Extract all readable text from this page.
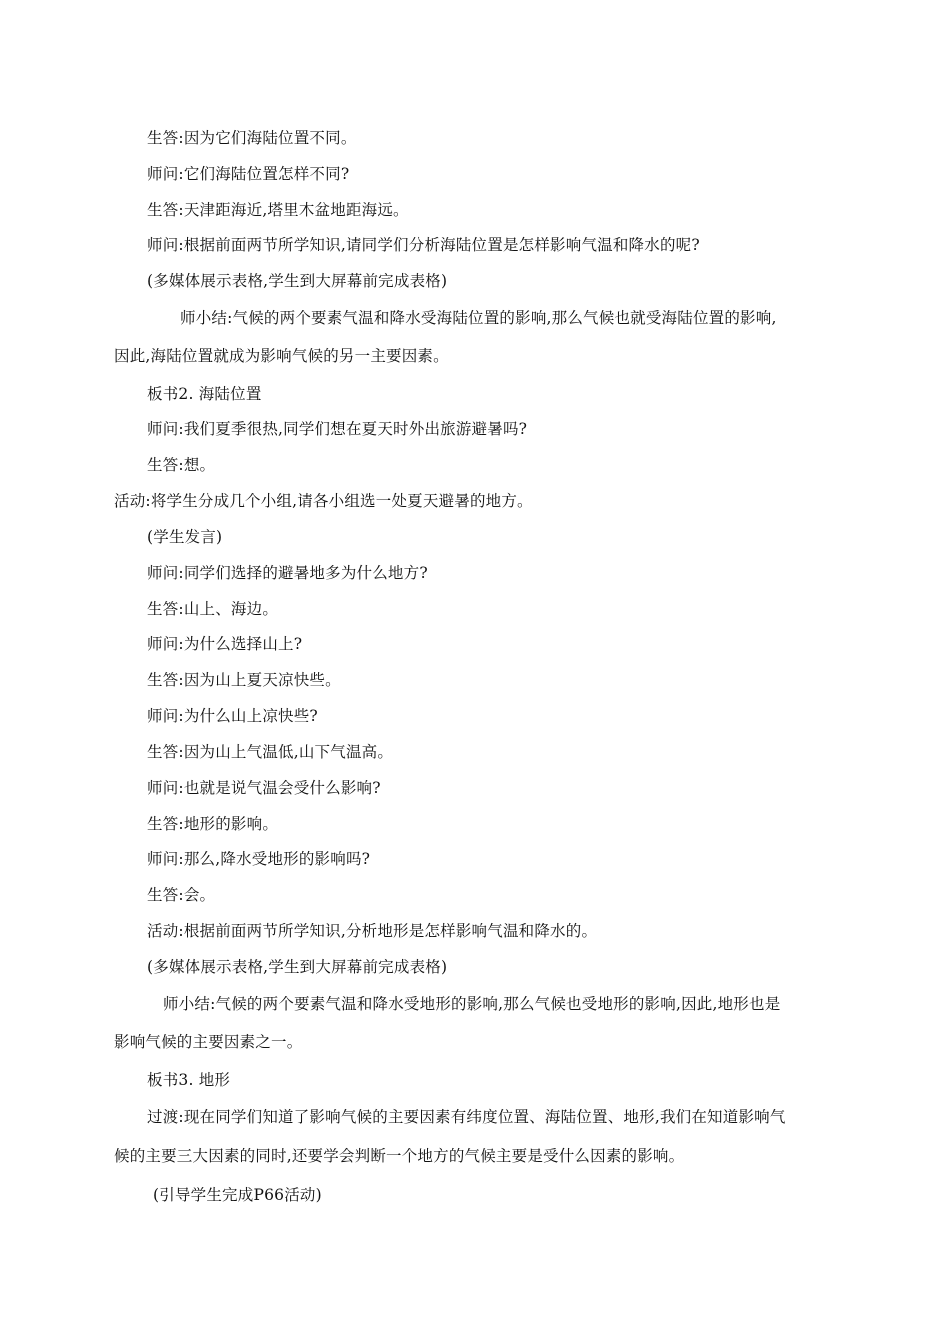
生答:因为它们海陆位置不同。
师问:它们海陆位置怎样不同?
生答:天津距海近,塔里木盆地距海远。
师问:根据前面两节所学知识,请同学们分析海陆位置是怎样影响气温和降水的呢?
(多媒体展示表格,学生到大屏幕前完成表格)
师小结:气候的两个要素气温和降水受海陆位置的影响,那么气候也就受海陆位置的影响,
因此,海陆位置就成为影响气候的另一主要因素。
板书2. 海陆位置
师问:我们夏季很热,同学们想在夏天时外出旅游避暑吗?
生答:想。
活动:将学生分成几个小组,请各小组选一处夏天避暑的地方。
(学生发言)
师问:同学们选择的避暑地多为什么地方?
生答:山上、海边。
师问:为什么选择山上?
生答:因为山上夏天凉快些。
师问:为什么山上凉快些?
生答:因为山上气温低,山下气温高。
师问:也就是说气温会受什么影响?
生答:地形的影响。
师问:那么,降水受地形的影响吗?
生答:会。
活动:根据前面两节所学知识,分析地形是怎样影响气温和降水的。
(多媒体展示表格,学生到大屏幕前完成表格)
师小结:气候的两个要素气温和降水受地形的影响,那么气候也受地形的影响,因此,地形也是
影响气候的主要因素之一。
板书3. 地形
过渡:现在同学们知道了影响气候的主要因素有纬度位置、海陆位置、地形,我们在知道影响气
候的主要三大因素的同时,还要学会判断一个地方的气候主要是受什么因素的影响。
(引导学生完成P66活动)
